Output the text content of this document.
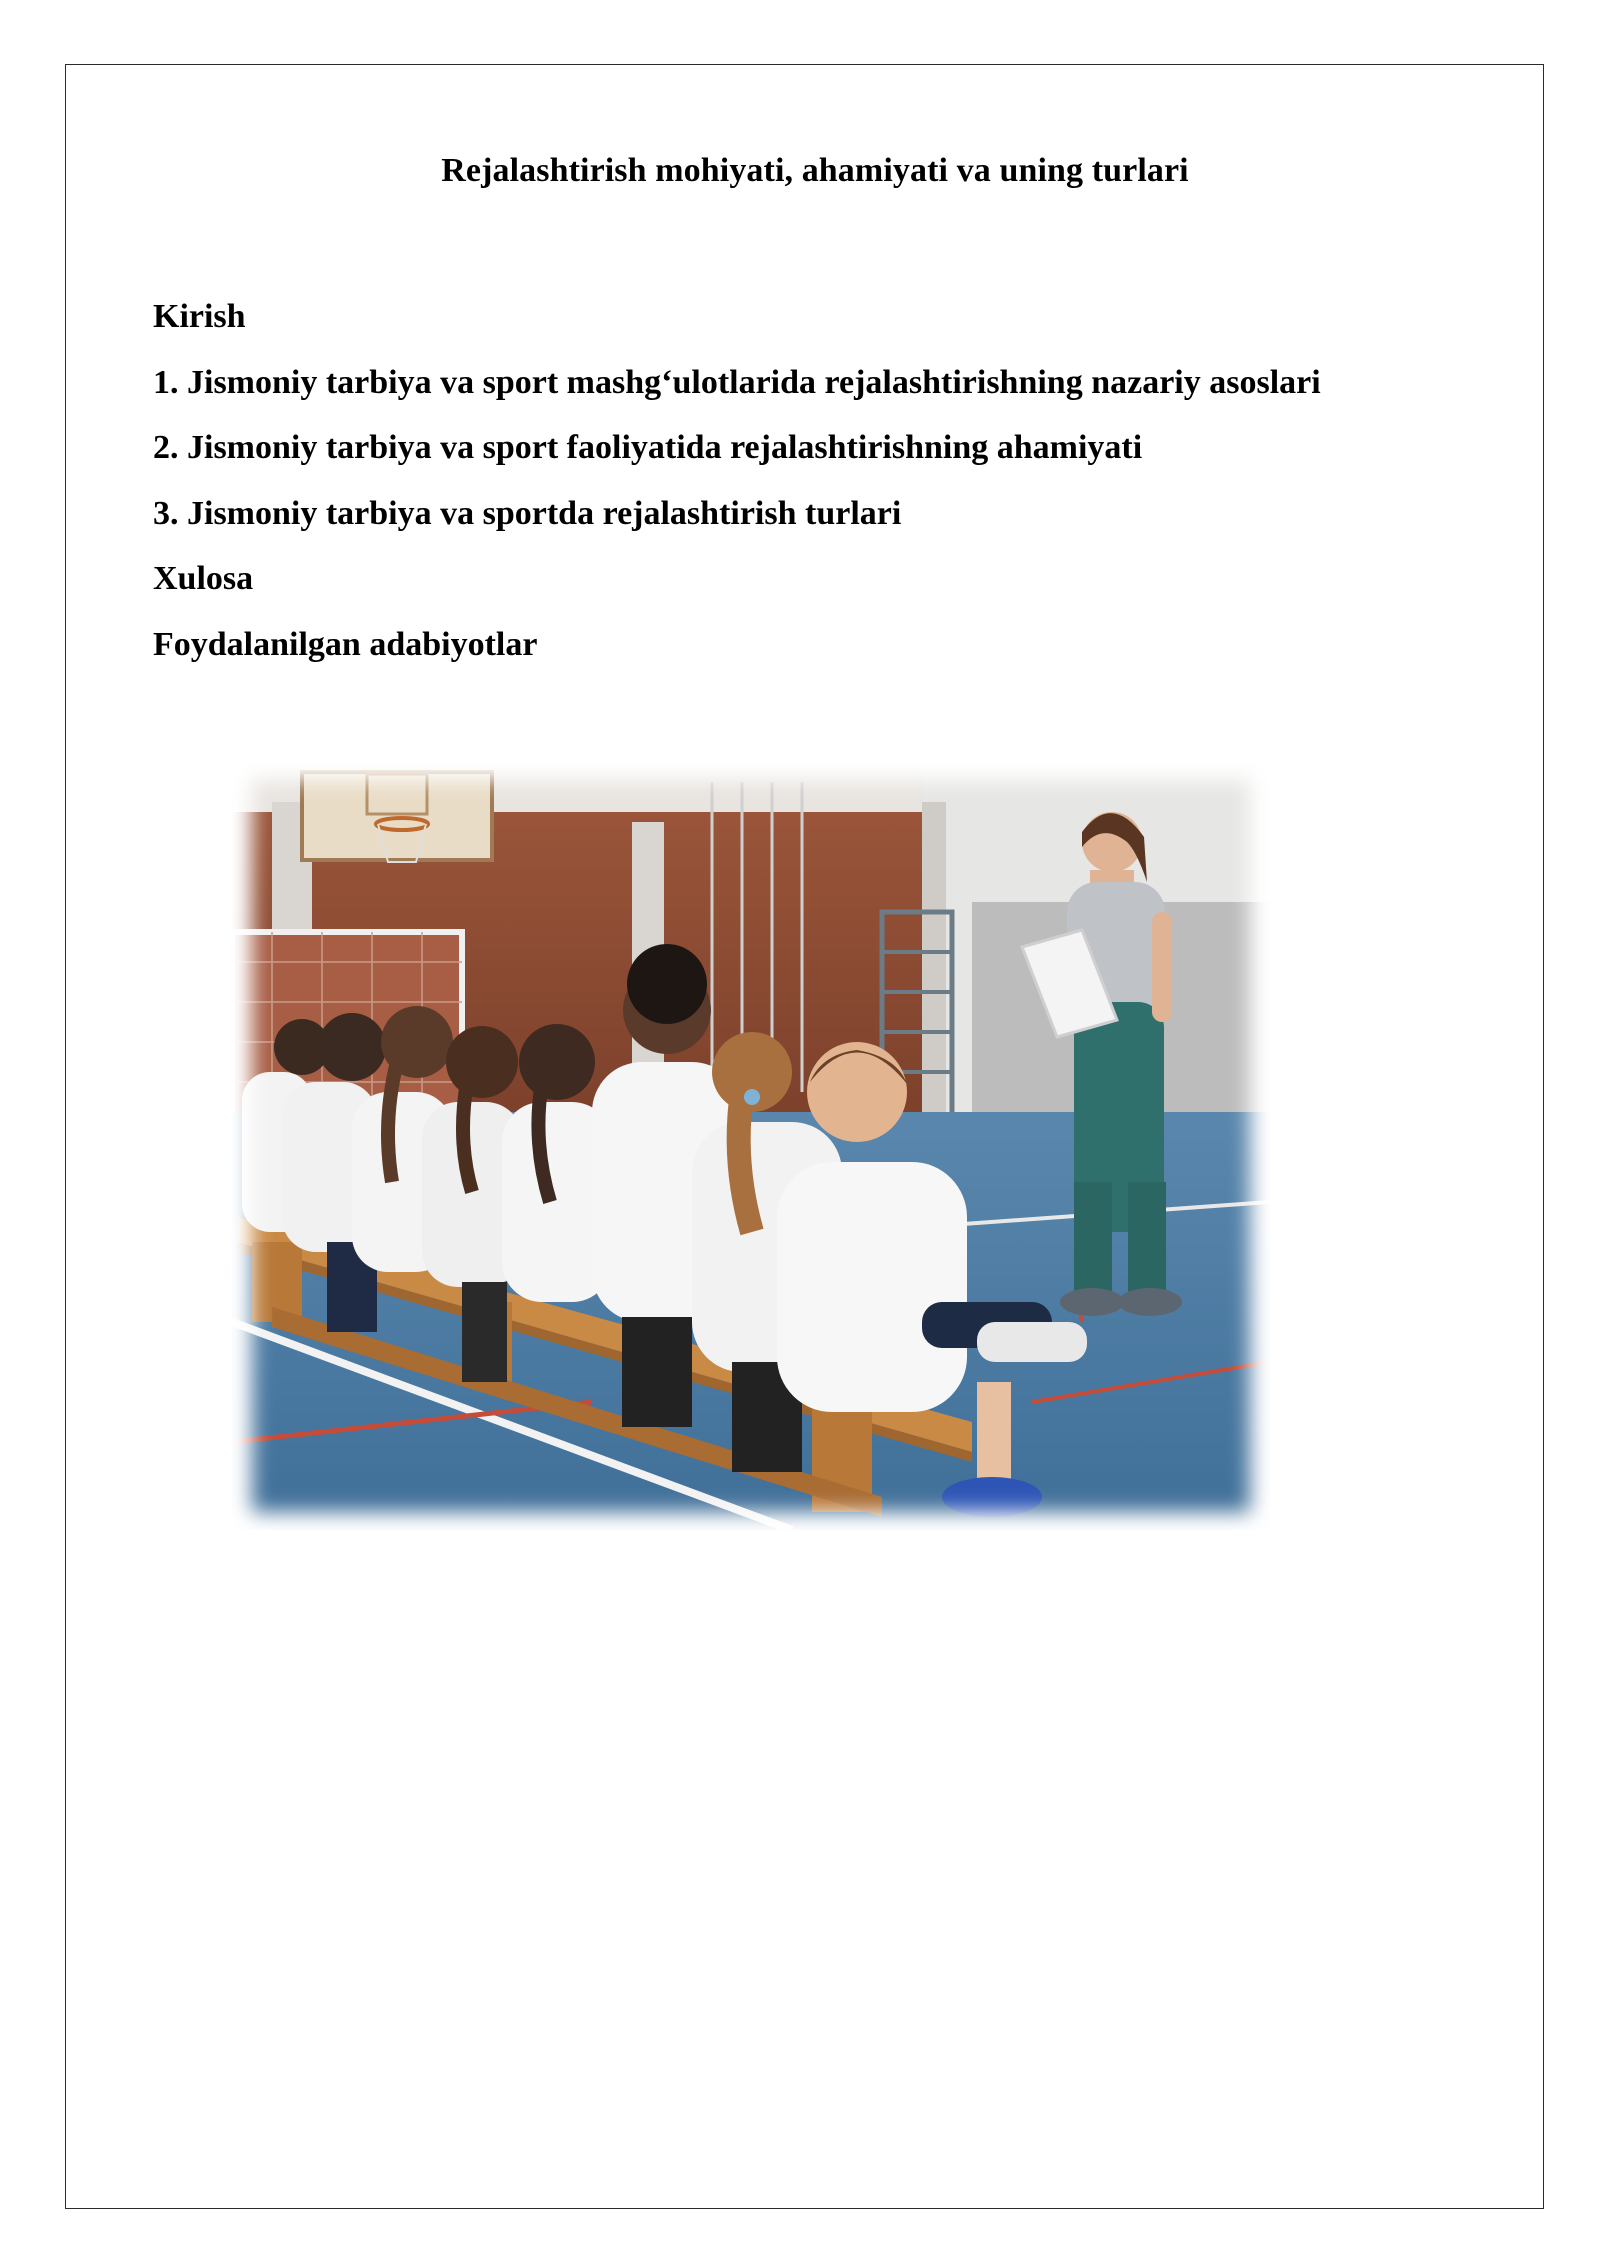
Rejalashtirish mohiyati, ahamiyati va uning turlari
Kirish
1. Jismoniy tarbiya va sport mashg‘ulotlarida rejalashtirishning nazariy asoslari
2. Jismoniy tarbiya va sport faoliyatida rejalashtirishning ahamiyati
3. Jismoniy tarbiya va sportda rejalashtirish turlari
Xulosa
Foydalanilgan adabiyotlar
